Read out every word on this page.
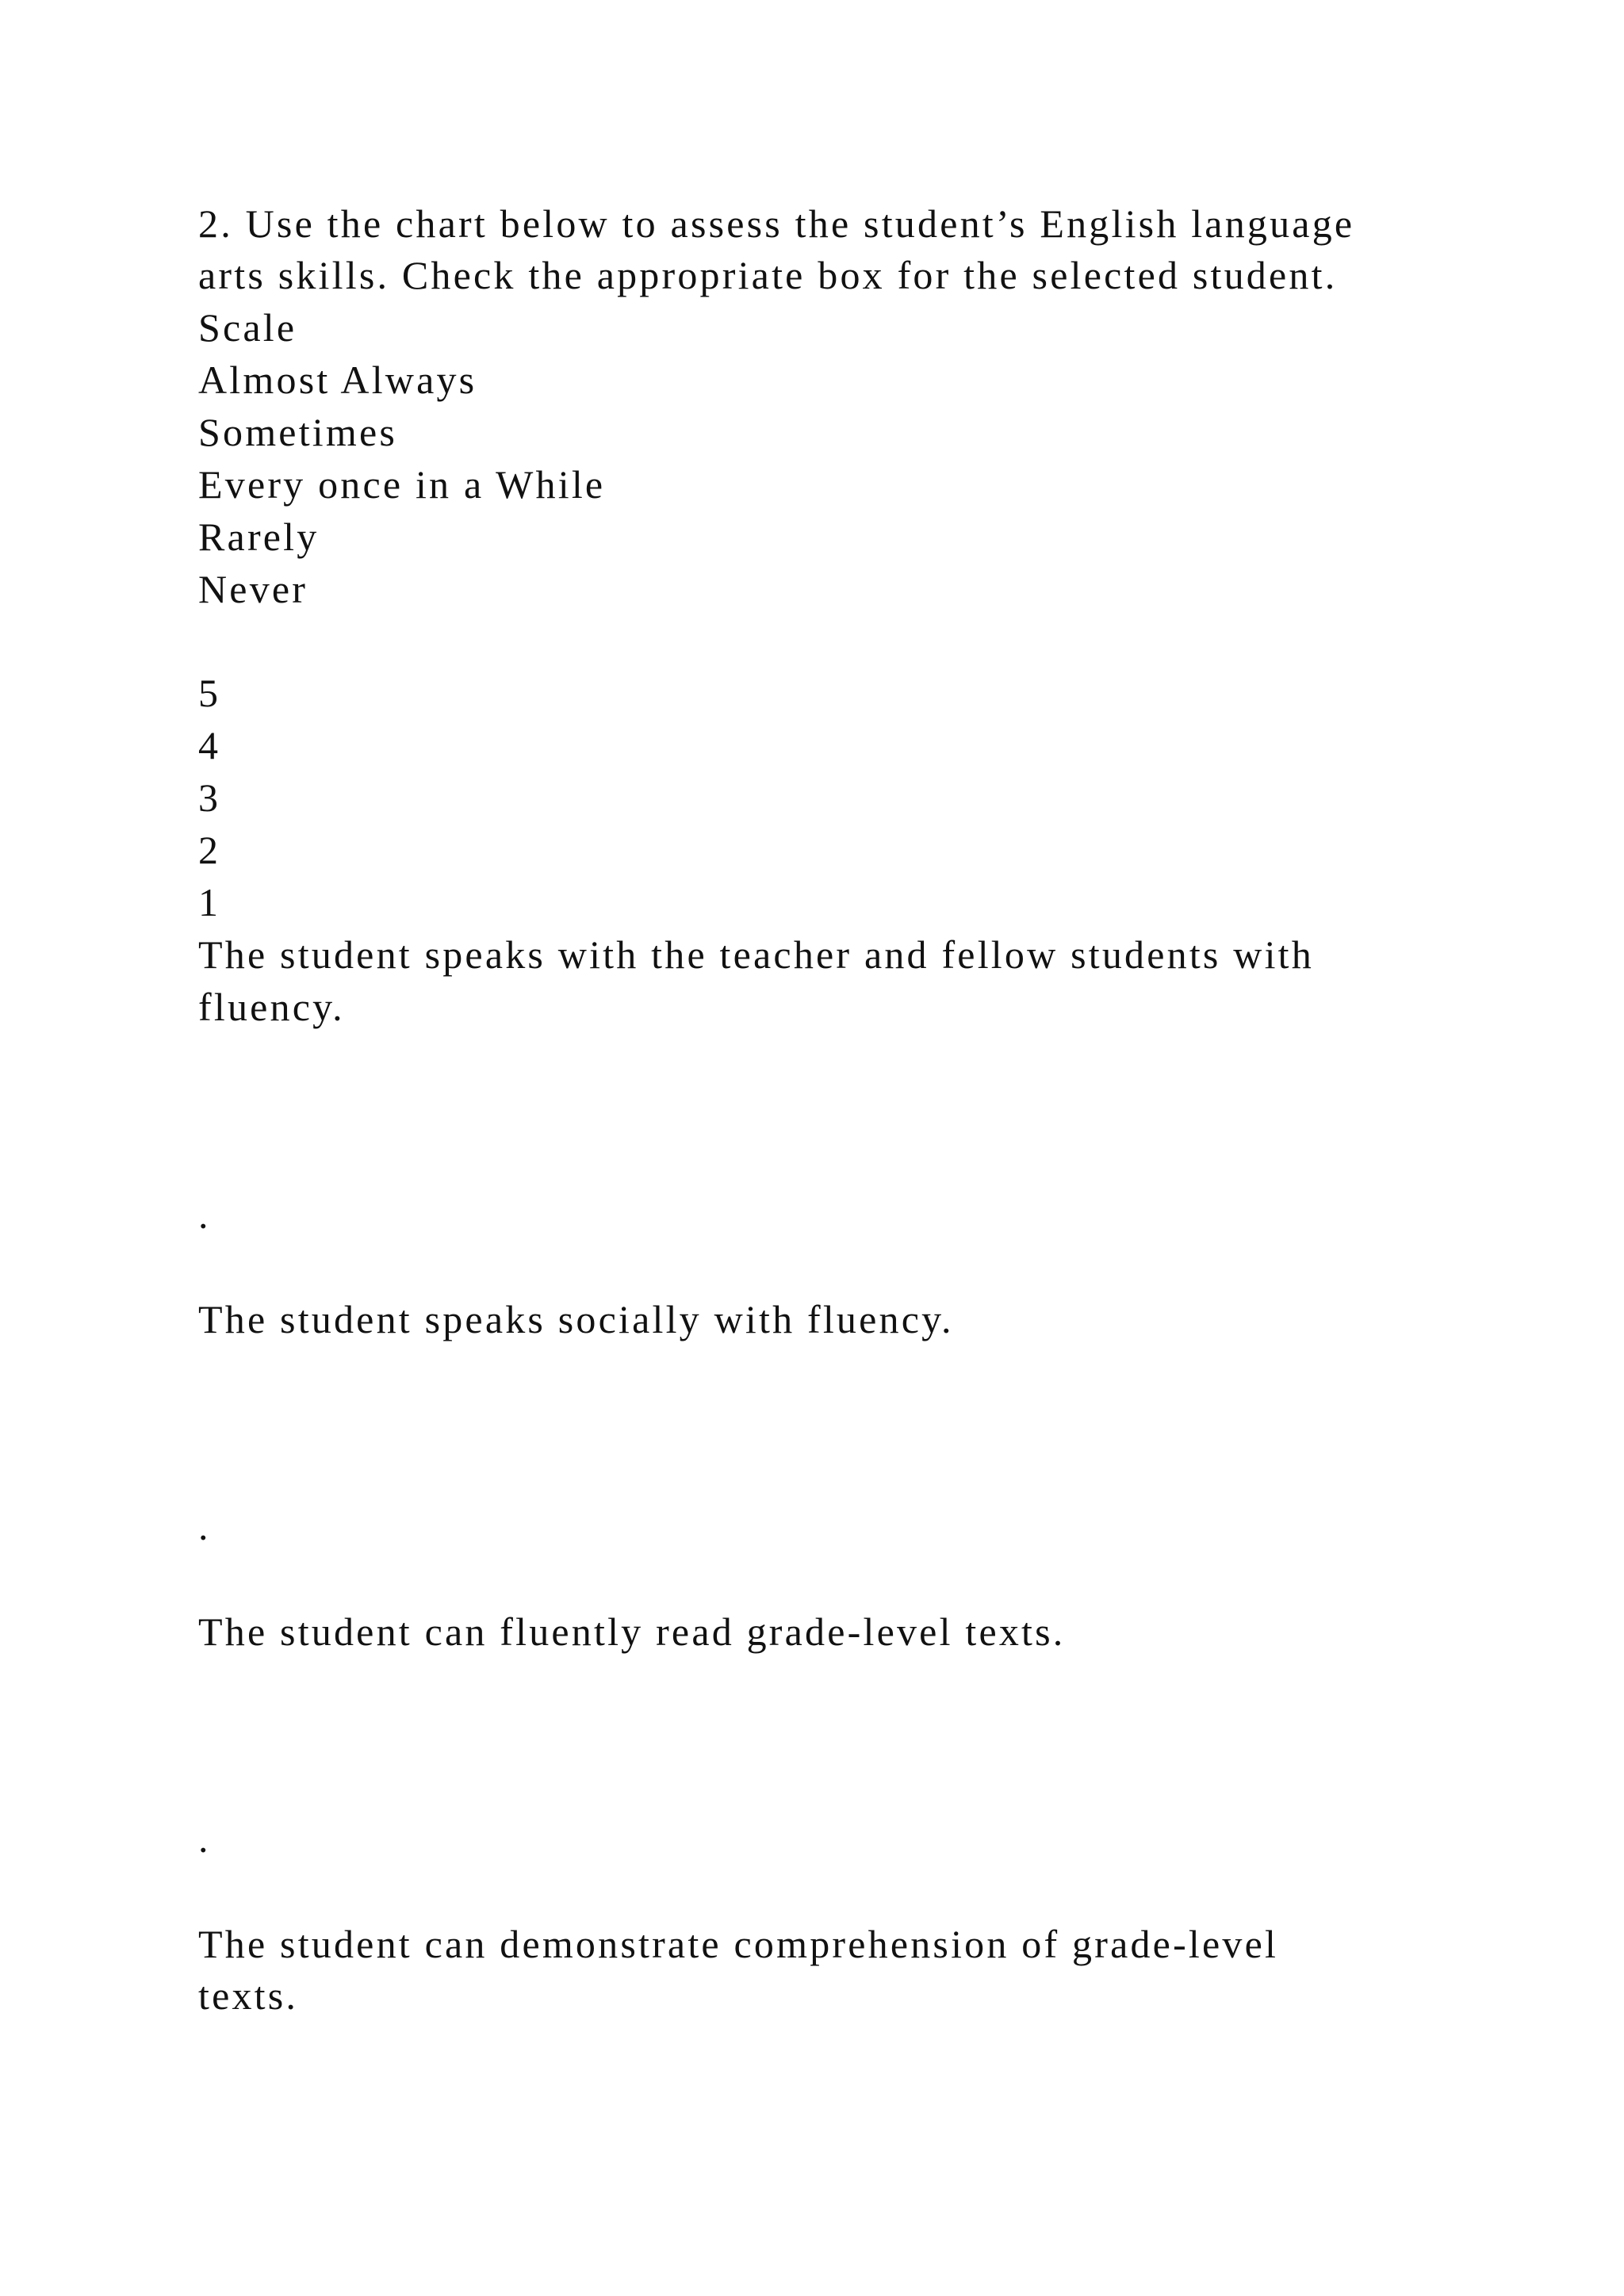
2. Use the chart below to assess the student’s English language

arts skills. Check the appropriate box for the selected student.

Scale

Almost Always

Sometimes

Every once in a While

Rarely

Never

5

4

3

2

1

The student speaks with the teacher and fellow students with

fluency.

.

The student speaks socially with fluency.

.

The student can fluently read grade-level texts.

.

The student can demonstrate comprehension of grade-level

texts.
